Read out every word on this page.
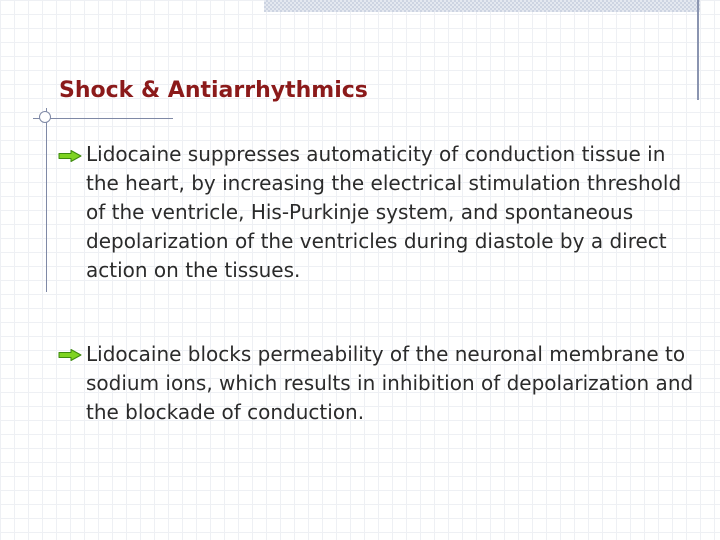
Shock & Antiarrhythmics

Lidocaine suppresses automaticity of conduction tissue in the heart, by increasing the electrical stimulation threshold of the ventricle, His-Purkinje system, and spontaneous depolarization of the ventricles during diastole by a direct action on the tissues.

Lidocaine blocks permeability of the neuronal membrane to sodium ions, which results in inhibition of depolarization and the blockade of conduction.
